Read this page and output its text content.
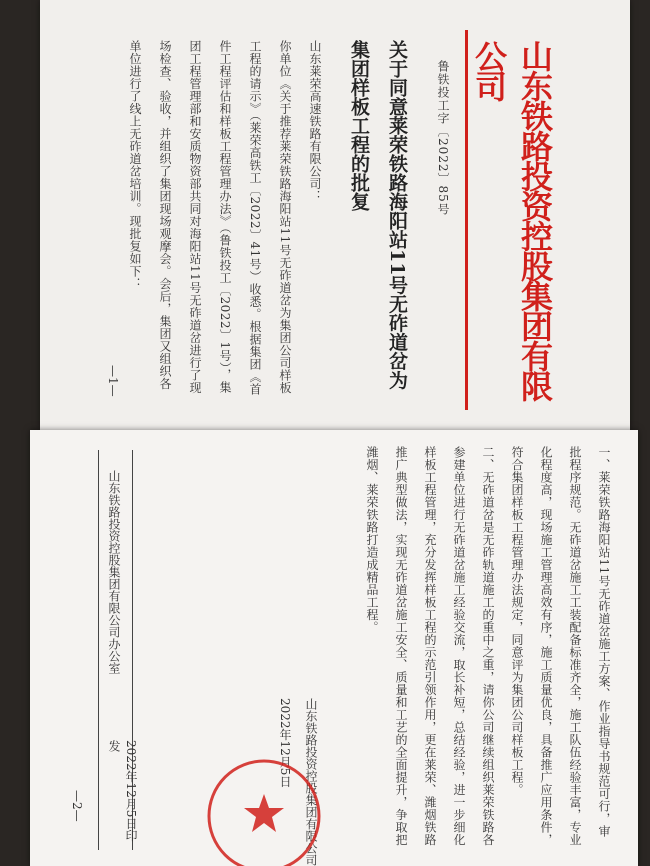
山东铁路投资控股集团有限公司
鲁铁投工字〔2022〕85号
关于同意莱荣铁路海阳站11号无砟道岔为
集团样板工程的批复
山东莱荣高速铁路有限公司：
你单位《关于推荐莱荣铁路海阳站11号无砟道岔为集团公司样板工程的请示》（莱荣高铁工〔2022〕41号）收悉。根据集团《首件工程评估和样板工程管理办法》（鲁铁投工〔2022〕1号），集团工程管理部和安质物资部共同对海阳站11号无砟道岔进行了现场检查、验收，并组织了集团现场观摩会。会后，集团又组织各单位进行了线上无砟道岔培训。现批复如下：
—1—
一、莱荣铁路海阳站11号无砟道岔施工方案、作业指导书规范可行，审批程序规范。无砟道岔施工工装配备标准齐全，施工队伍经验丰富，专业化程度高，现场施工管理高效有序，施工质量优良，具备推广应用条件，符合集团样板工程管理办法规定，同意评为集团公司样板工程。
二、无砟道岔是无砟轨道施工的重中之重，请你公司继续组织莱荣铁路各参建单位进行无砟道岔施工经验交流，取长补短，总结经验，进一步细化样板工程管理，充分发挥样板工程的示范引领作用，更在莱荣、潍烟铁路推广典型做法，实现无砟道岔施工安全、质量和工艺的全面提升，争取把潍烟、莱荣铁路打造成精品工程。
山东铁路投资控股集团有限公司
2022年12月5日
山东铁路投资控股集团有限公司办公室
2022年12月5日印发
—2—
